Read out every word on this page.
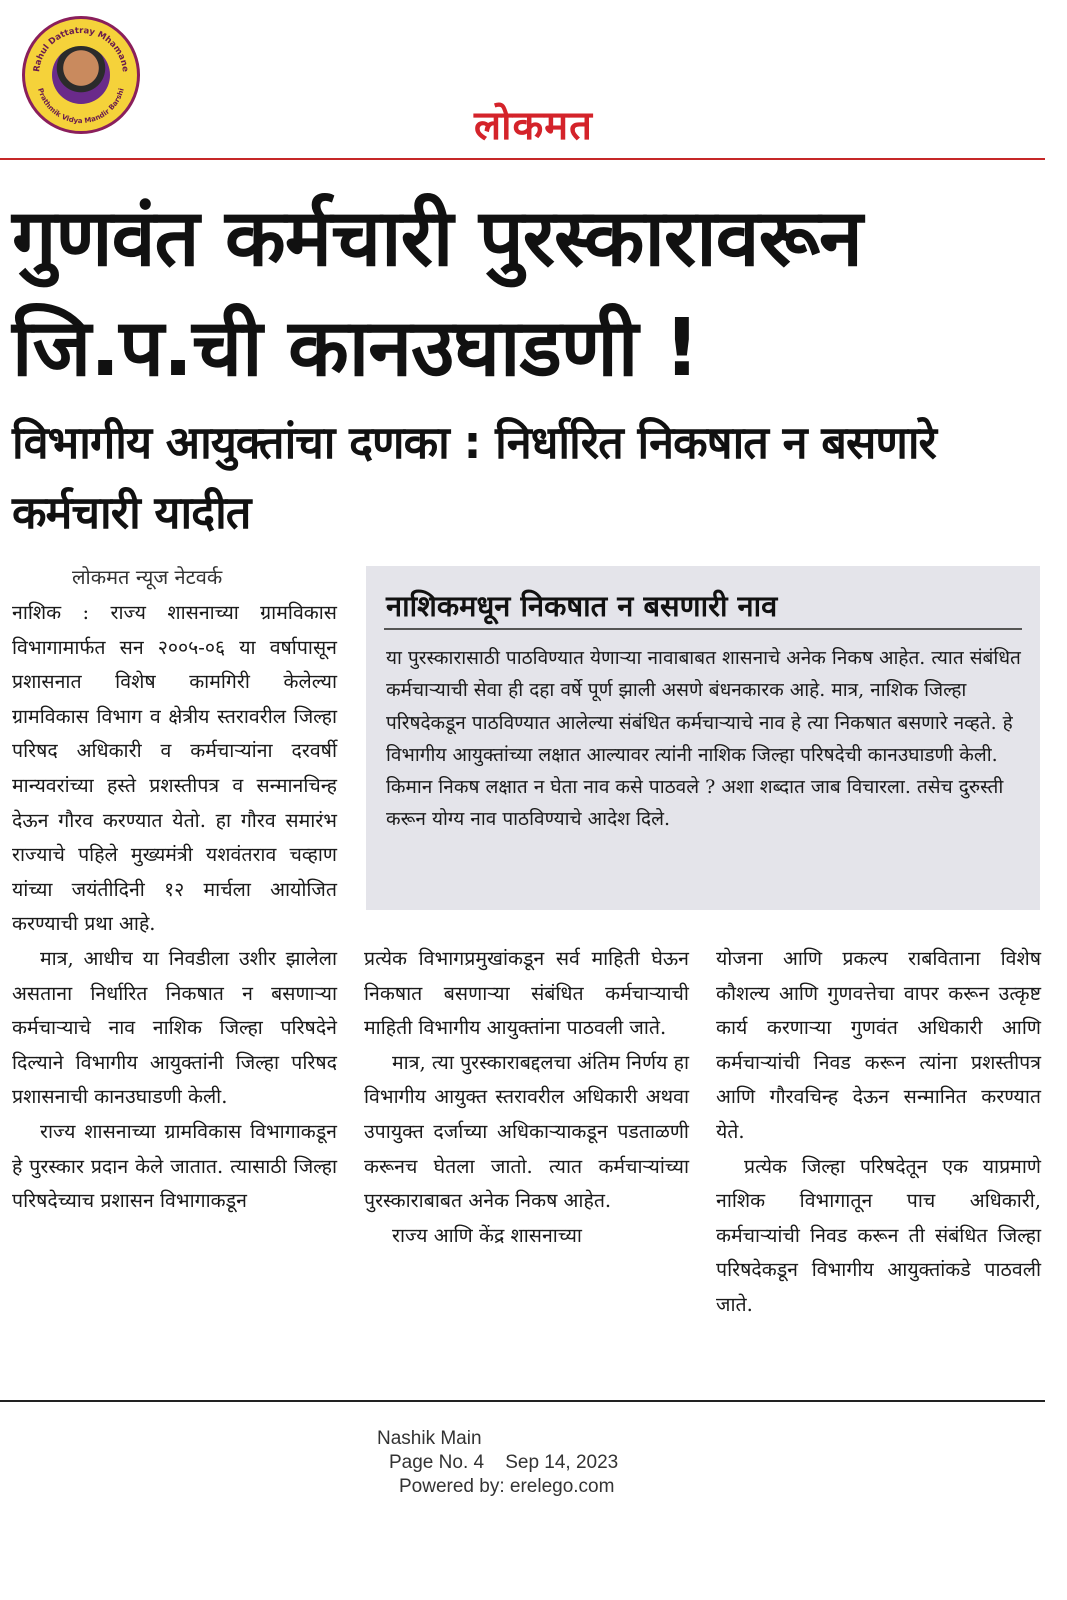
Rahul Dattatray Mhamane
Prathmik Vidya Mandir Barshi
लोकमत
गुणवंत कर्मचारी पुरस्कारावरून जि.प.ची कानउघाडणी !
विभागीय आयुक्तांचा दणका : निर्धारित निकषात न बसणारे कर्मचारी यादीत
लोकमत न्यूज नेटवर्क

नाशिक : राज्य शासनाच्या ग्रामविकास विभागामार्फत सन २००५-०६ या वर्षापासून प्रशासनात विशेष कामगिरी केलेल्या ग्रामविकास विभाग व क्षेत्रीय स्तरावरील जिल्हा परिषद अधिकारी व कर्मचाऱ्यांना दरवर्षी मान्यवरांच्या हस्ते प्रशस्तीपत्र व सन्मानचिन्ह देऊन गौरव करण्यात येतो. हा गौरव समारंभ राज्याचे पहिले मुख्यमंत्री यशवंतराव चव्हाण यांच्या जयंतीदिनी १२ मार्चला आयोजित करण्याची प्रथा आहे.

मात्र, आधीच या निवडीला उशीर झालेला असताना निर्धारित निकषात न बसणाऱ्या कर्मचाऱ्याचे नाव नाशिक जिल्हा परिषदेने दिल्याने विभागीय आयुक्तांनी जिल्हा परिषद प्रशासनाची कानउघाडणी केली.

राज्य शासनाच्या ग्रामविकास विभागाकडून हे पुरस्कार प्रदान केले जातात. त्यासाठी जिल्हा परिषदेच्याच प्रशासन विभागाकडून

नाशिकमधून निकषात न बसणारी नाव
या पुरस्कारासाठी पाठविण्यात येणाऱ्या नावाबाबत शासनाचे अनेक निकष आहेत. त्यात संबंधित कर्मचाऱ्याची सेवा ही दहा वर्षे पूर्ण झाली असणे बंधनकारक आहे. मात्र, नाशिक जिल्हा परिषदेकडून पाठविण्यात आलेल्या संबंधित कर्मचाऱ्याचे नाव हे त्या निकषात बसणारे नव्हते. हे विभागीय आयुक्तांच्या लक्षात आल्यावर त्यांनी नाशिक जिल्हा परिषदेची कानउघाडणी केली. किमान निकष लक्षात न घेता नाव कसे पाठवले ? अशा शब्दात जाब विचारला. तसेच दुरुस्ती करून योग्य नाव पाठविण्याचे आदेश दिले.

प्रत्येक विभागप्रमुखांकडून सर्व माहिती घेऊन निकषात बसणाऱ्या संबंधित कर्मचाऱ्याची माहिती विभागीय आयुक्तांना पाठवली जाते.

मात्र, त्या पुरस्काराबद्दलचा अंतिम निर्णय हा विभागीय आयुक्त स्तरावरील अधिकारी अथवा उपायुक्त दर्जाच्या अधिकाऱ्याकडून पडताळणी करूनच घेतला जातो. त्यात कर्मचाऱ्यांच्या पुरस्काराबाबत अनेक निकष आहेत.

राज्य आणि केंद्र शासनाच्या

योजना आणि प्रकल्प राबविताना विशेष कौशल्य आणि गुणवत्तेचा वापर करून उत्कृष्ट कार्य करणाऱ्या गुणवंत अधिकारी आणि कर्मचाऱ्यांची निवड करून त्यांना प्रशस्तीपत्र आणि गौरवचिन्ह देऊन सन्मानित करण्यात येते.

प्रत्येक जिल्हा परिषदेतून एक याप्रमाणे नाशिक विभागातून पाच अधिकारी, कर्मचाऱ्यांची निवड करून ती संबंधित जिल्हा परिषदेकडून विभागीय आयुक्तांकडे पाठवली जाते.

Nashik Main
Page No. 4 Sep 14, 2023
Powered by: erelego.com
